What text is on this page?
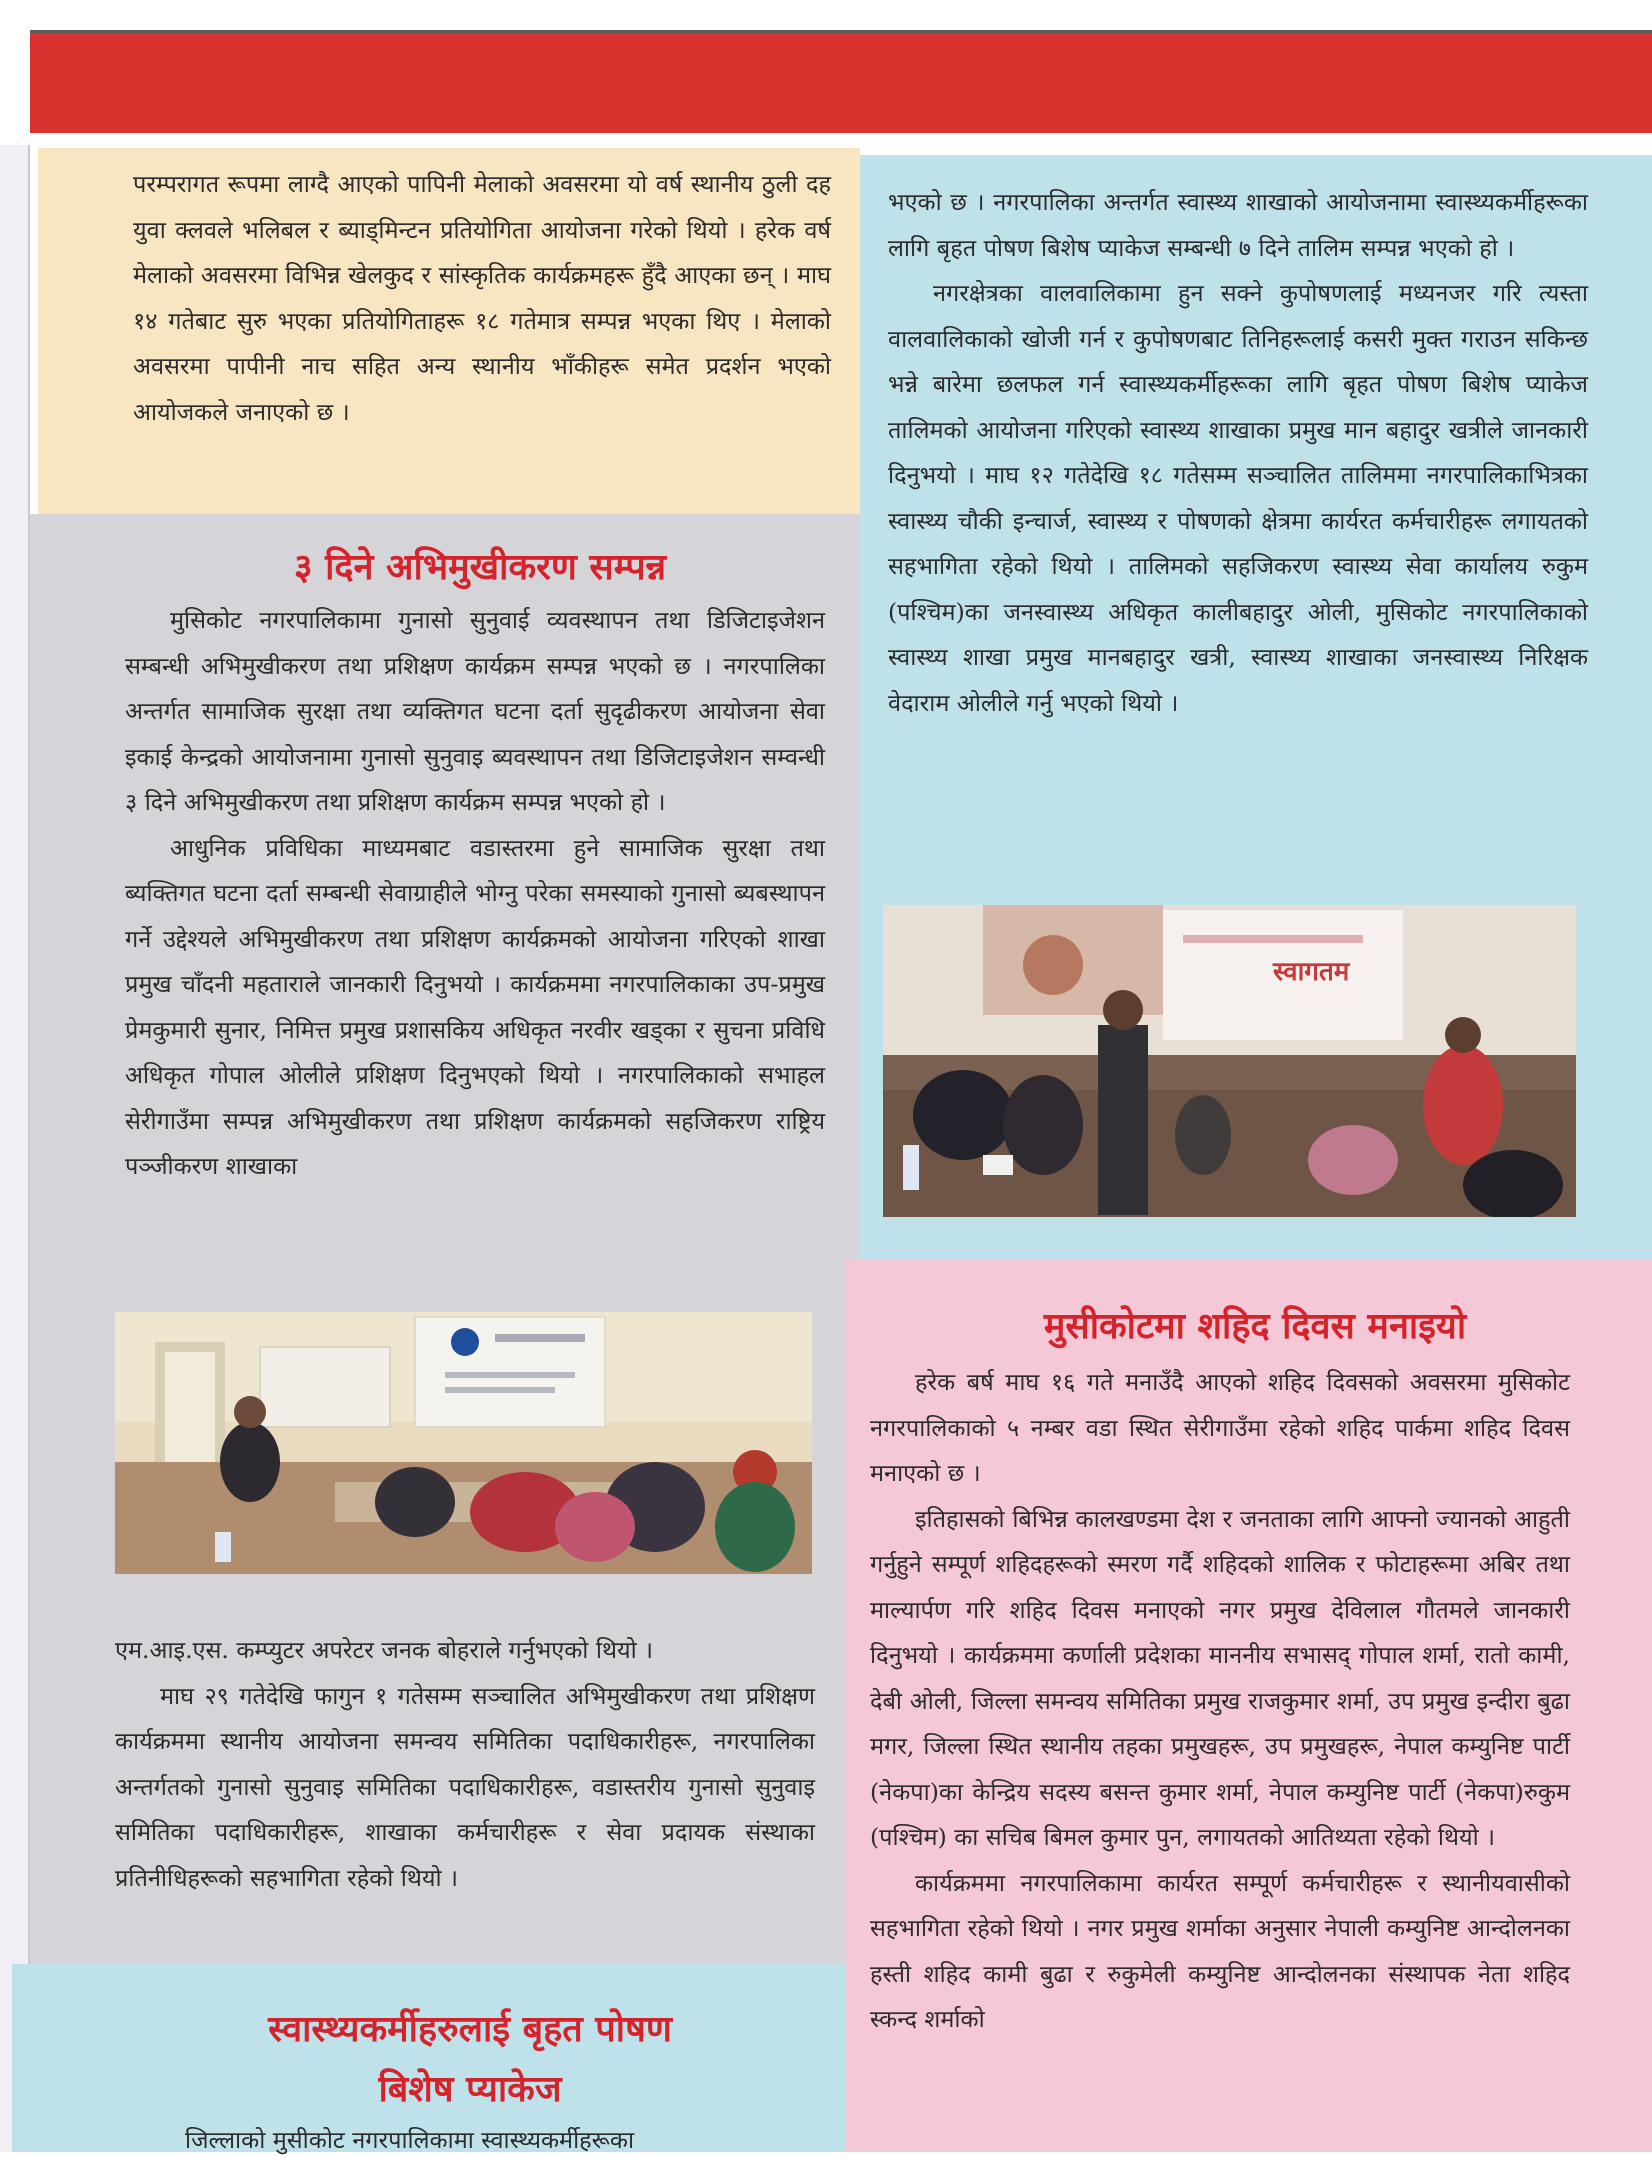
परम्परागत रूपमा लाग्दै आएको पापिनी मेलाको अवसरमा यो वर्ष स्थानीय ठुली दह युवा क्लवले भलिबल र ब्याड्मिन्टन प्रतियोगिता आयोजना गरेको थियो । हरेक वर्ष मेलाको अवसरमा विभिन्न खेलकुद र सांस्कृतिक कार्यक्रमहरू हुँदै आएका छन् । माघ १४ गतेबाट सुरु भएका प्रतियोगिताहरू १८ गतेमात्र सम्पन्न भएका थिए । मेलाको अवसरमा पापीनी नाच सहित अन्य स्थानीय भाँकीहरू समेत प्रदर्शन भएको आयोजकले जनाएको छ ।

३ दिने अभिमुखीकरण सम्पन्न

मुसिकोट नगरपालिकामा गुनासो सुनुवाई व्यवस्थापन तथा डिजिटाइजेशन सम्बन्धी अभिमुखीकरण तथा प्रशिक्षण कार्यक्रम सम्पन्न भएको छ । नगरपालिका अन्तर्गत सामाजिक सुरक्षा तथा व्यक्तिगत घटना दर्ता सुदृढीकरण आयोजना सेवा इकाई केन्द्रको आयोजनामा गुनासो सुनुवाइ ब्यवस्थापन तथा डिजिटाइजेशन सम्वन्धी ३ दिने अभिमुखीकरण तथा प्रशिक्षण कार्यक्रम सम्पन्न भएको हो ।

आधुनिक प्रविधिका माध्यमबाट वडास्तरमा हुने सामाजिक सुरक्षा तथा ब्यक्तिगत घटना दर्ता सम्बन्धी सेवाग्राहीले भोग्नु परेका समस्याको गुनासो ब्यबस्थापन गर्ने उद्देश्यले अभिमुखीकरण तथा प्रशिक्षण कार्यक्रमको आयोजना गरिएको शाखा प्रमुख चाँदनी महताराले जानकारी दिनुभयो । कार्यक्रममा नगरपालिकाका उप-प्रमुख प्रेमकुमारी सुनार, निमित्त प्रमुख प्रशासकिय अधिकृत नरवीर खड्का र सुचना प्रविधि अधिकृत गोपाल ओलीले प्रशिक्षण दिनुभएको थियो । नगरपालिकाको सभाहल सेरीगाउँमा सम्पन्न अभिमुखीकरण तथा प्रशिक्षण कार्यक्रमको सहजिकरण राष्ट्रिय पञ्जीकरण शाखाका

एम.आइ.एस. कम्प्युटर अपरेटर जनक बोहराले गर्नुभएको थियो ।

माघ २९ गतेदेखि फागुन १ गतेसम्म सञ्चालित अभिमुखीकरण तथा प्रशिक्षण कार्यक्रममा स्थानीय आयोजना समन्वय समितिका पदाधिकारीहरू, नगरपालिका अन्तर्गतको गुनासो सुनुवाइ समितिका पदाधिकारीहरू, वडास्तरीय गुनासो सुनुवाइ समितिका पदाधिकारीहरू, शाखाका कर्मचारीहरू र सेवा प्रदायक संस्थाका प्रतिनीधिहरूको सहभागिता रहेको थियो ।

स्वास्थ्यकर्मीहरुलाई बृहत पोषण
बिशेष प्याकेज

जिल्लाको मुसीकोट नगरपालिकामा स्वास्थ्यकर्मीहरूका

भएको छ । नगरपालिका अन्तर्गत स्वास्थ्य शाखाको आयोजनामा स्वास्थ्यकर्मीहरूका लागि बृहत पोषण बिशेष प्याकेज सम्बन्धी ७ दिने तालिम सम्पन्न भएको हो ।

नगरक्षेत्रका वालवालिकामा हुन सक्ने कुपोषणलाई मध्यनजर गरि त्यस्ता वालवालिकाको खोजी गर्न र कुपोषणबाट तिनिहरूलाई कसरी मुक्त गराउन सकिन्छ भन्ने बारेमा छलफल गर्न स्वास्थ्यकर्मीहरूका लागि बृहत पोषण बिशेष प्याकेज तालिमको आयोजना गरिएको स्वास्थ्य शाखाका प्रमुख मान बहादुर खत्रीले जानकारी दिनुभयो । माघ १२ गतेदेखि १८ गतेसम्म सञ्चालित तालिममा नगरपालिकाभित्रका स्वास्थ्य चौकी इन्चार्ज, स्वास्थ्य र पोषणको क्षेत्रमा कार्यरत कर्मचारीहरू लगायतको सहभागिता रहेको थियो । तालिमको सहजिकरण स्वास्थ्य सेवा कार्यालय रुकुम (पश्चिम)का जनस्वास्थ्य अधिकृत कालीबहादुर ओली, मुसिकोट नगरपालिकाको स्वास्थ्य शाखा प्रमुख मानबहादुर खत्री, स्वास्थ्य शाखाका जनस्वास्थ्य निरिक्षक वेदाराम ओलीले गर्नु भएको थियो ।

स्वागतम
मुसीकोटमा शहिद दिवस मनाइयो

हरेक बर्ष माघ १६ गते मनाउँदै आएको शहिद दिवसको अवसरमा मुसिकोट नगरपालिकाको ५ नम्बर वडा स्थित सेरीगाउँमा रहेको शहिद पार्कमा शहिद दिवस मनाएको छ ।

इतिहासको बिभिन्न कालखण्डमा देश र जनताका लागि आफ्नो ज्यानको आहुती गर्नुहुने सम्पूर्ण शहिदहरूको स्मरण गर्दै शहिदको शालिक र फोटाहरूमा अबिर तथा माल्यार्पण गरि शहिद दिवस मनाएको नगर प्रमुख देविलाल गौतमले जानकारी दिनुभयो । कार्यक्रममा कर्णाली प्रदेशका माननीय सभासद् गोपाल शर्मा, रातो कामी, देबी ओली, जिल्ला समन्वय समितिका प्रमुख राजकुमार शर्मा, उप प्रमुख इन्दीरा बुढा मगर, जिल्ला स्थित स्थानीय तहका प्रमुखहरू, उप प्रमुखहरू, नेपाल कम्युनिष्ट पार्टी (नेकपा)का केन्द्रिय सदस्य बसन्त कुमार शर्मा, नेपाल कम्युनिष्ट पार्टी (नेकपा)रुकुम (पश्चिम) का सचिब बिमल कुमार पुन, लगायतको आतिथ्यता रहेको थियो ।

कार्यक्रममा नगरपालिकामा कार्यरत सम्पूर्ण कर्मचारीहरू र स्थानीयवासीको सहभागिता रहेको थियो । नगर प्रमुख शर्माका अनुसार नेपाली कम्युनिष्ट आन्दोलनका हस्ती शहिद कामी बुढा र रुकुमेली कम्युनिष्ट आन्दोलनका संस्थापक नेता शहिद स्कन्द शर्माको
